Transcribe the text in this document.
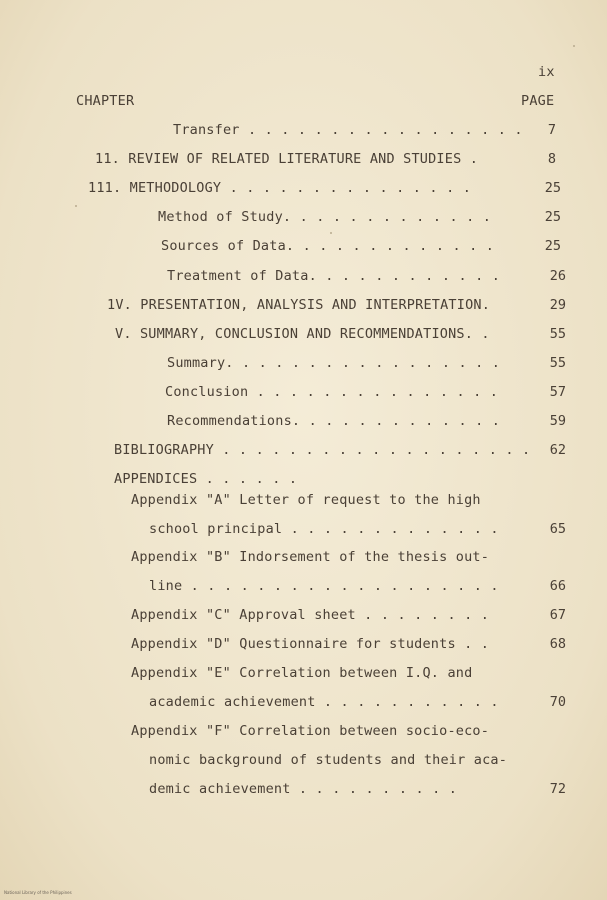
ix
CHAPTER	PAGE
Transfer . . . . . . . . . . . . . . . . .	7
11. REVIEW OF RELATED LITERATURE AND STUDIES .	8
111. METHODOLOGY . . . . . . . . . . . . . . .	25
Method of Study. . . . . . . . . . . . .	25
Sources of Data. . . . . . . . . . . . .	25
Treatment of Data. . . . . . . . . . . .	26
1V. PRESENTATION, ANALYSIS AND INTERPRETATION.	29
V. SUMMARY, CONCLUSION AND RECOMMENDATIONS. .	55
Summary. . . . . . . . . . . . . . . . .	55
Conclusion . . . . . . . . . . . . . . .	57
Recommendations. . . . . . . . . . . . .	59
BIBLIOGRAPHY . . . . . . . . . . . . . . . . . . .	62
APPENDICES . . . . . .
Appendix "A" Letter of request to the high
school principal . . . . . . . . . . . . .	65
Appendix "B" Indorsement of the thesis out-
line . . . . . . . . . . . . . . . . . . .	66
Appendix "C" Approval sheet . . . . . . . .	67
Appendix "D" Questionnaire for students . .	68
Appendix "E" Correlation between I.Q. and
academic achievement . . . . . . . . . . .	70
Appendix "F" Correlation between socio-eco-
nomic background of students and their aca-
demic achievement . . . . . . . . . .	72
National Library of the Philippines
